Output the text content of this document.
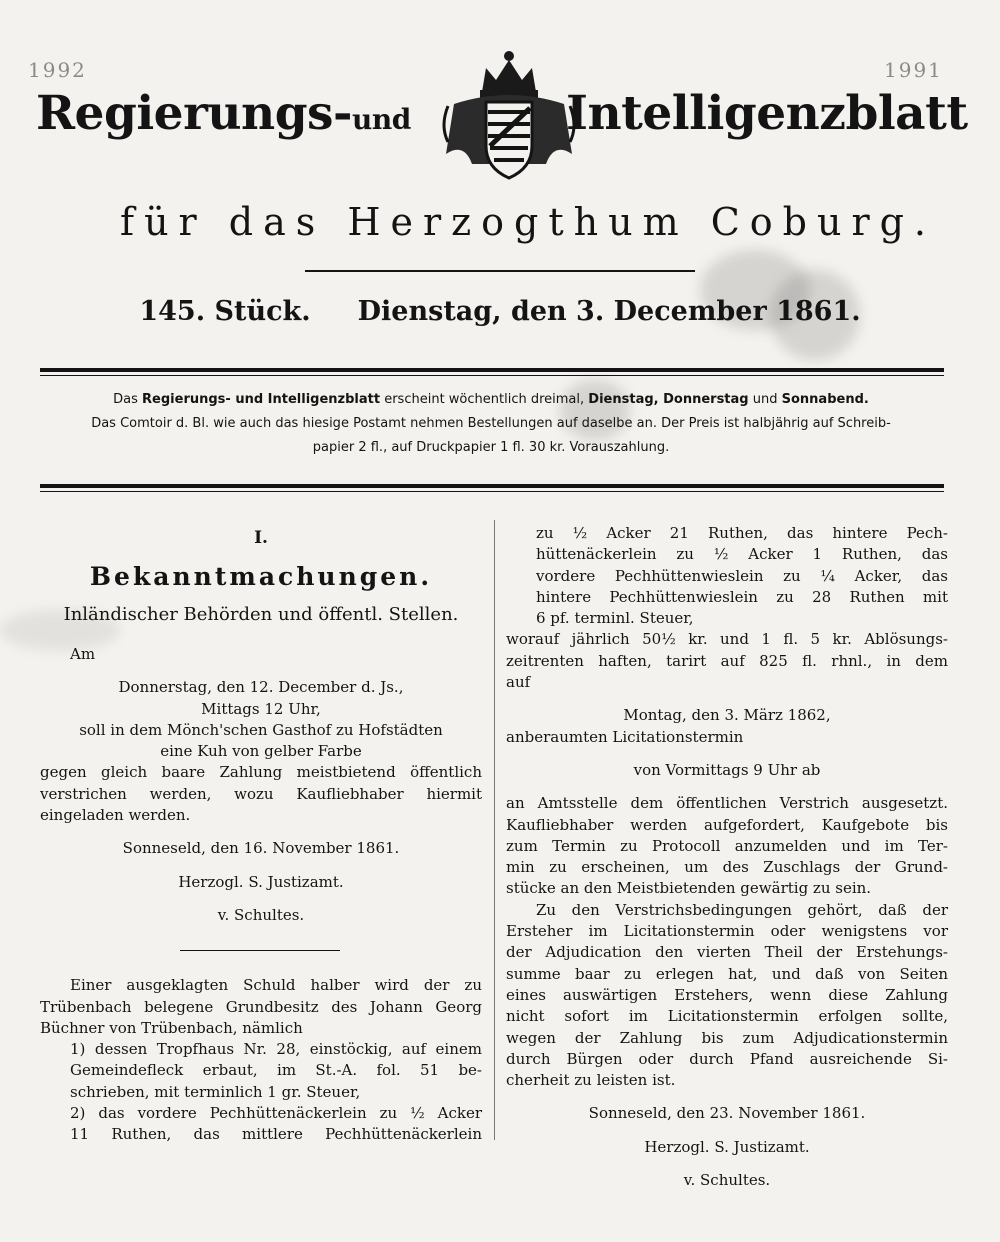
1992	1991
Regierungs-und	Intelligenzblatt
für das Herzogthum Coburg.
145. Stück. Dienstag, den 3. December 1861.
Das Regierungs- und Intelligenzblatt erscheint wöchentlich dreimal, Dienstag, Donnerstag und Sonnabend.
Das Comtoir d. Bl. wie auch das hiesige Postamt nehmen Bestellungen auf daselbe an. Der Preis ist halbjährig auf Schreib-
papier 2 fl., auf Druckpapier 1 fl. 30 kr. Vorauszahlung.

I.

Bekanntmachungen.

Inländischer Behörden und öffentl. Stellen.

Am

Donnerstag, den 12. December d. Js.,

Mittags 12 Uhr,

soll in dem Mönch'schen Gasthof zu Hofstädten

eine Kuh von gelber Farbe

gegen gleich baare Zahlung meistbietend öffentlich

verstrichen werden, wozu Kaufliebhaber hiermit

eingeladen werden.

Sonneseld, den 16. November 1861.

Herzogl. S. Justizamt.

v. Schultes.

Einer ausgeklagten Schuld halber wird der zu

Trübenbach belegene Grundbesitz des Johann Georg

Büchner von Trübenbach, nämlich

1) dessen Tropfhaus Nr. 28, einstöckig, auf einem

Gemeindefleck erbaut, im St.-A. fol. 51 be-

schrieben, mit terminlich 1 gr. Steuer,

2) das vordere Pechhüttenäckerlein zu ½ Acker

11 Ruthen, das mittlere Pechhüttenäckerlein

zu ½ Acker 21 Ruthen, das hintere Pech-

hüttenäckerlein zu ½ Acker 1 Ruthen, das

vordere Pechhüttenwieslein zu ¼ Acker, das

hintere Pechhüttenwieslein zu 28 Ruthen mit

6 pf. terminl. Steuer,

worauf jährlich 50½ kr. und 1 fl. 5 kr. Ablösungs-

zeitrenten haften, tarirt auf 825 fl. rhnl., in dem

auf

Montag, den 3. März 1862,

anberaumten Licitationstermin

von Vormittags 9 Uhr ab

an Amtsstelle dem öffentlichen Verstrich ausgesetzt.

Kaufliebhaber werden aufgefordert, Kaufgebote bis

zum Termin zu Protocoll anzumelden und im Ter-

min zu erscheinen, um des Zuschlags der Grund-

stücke an den Meistbietenden gewärtig zu sein.

Zu den Verstrichsbedingungen gehört, daß der

Ersteher im Licitationstermin oder wenigstens vor

der Adjudication den vierten Theil der Erstehungs-

summe baar zu erlegen hat, und daß von Seiten

eines auswärtigen Erstehers, wenn diese Zahlung

nicht sofort im Licitationstermin erfolgen sollte,

wegen der Zahlung bis zum Adjudicationstermin

durch Bürgen oder durch Pfand ausreichende Si-

cherheit zu leisten ist.

Sonneseld, den 23. November 1861.

Herzogl. S. Justizamt.

v. Schultes.
